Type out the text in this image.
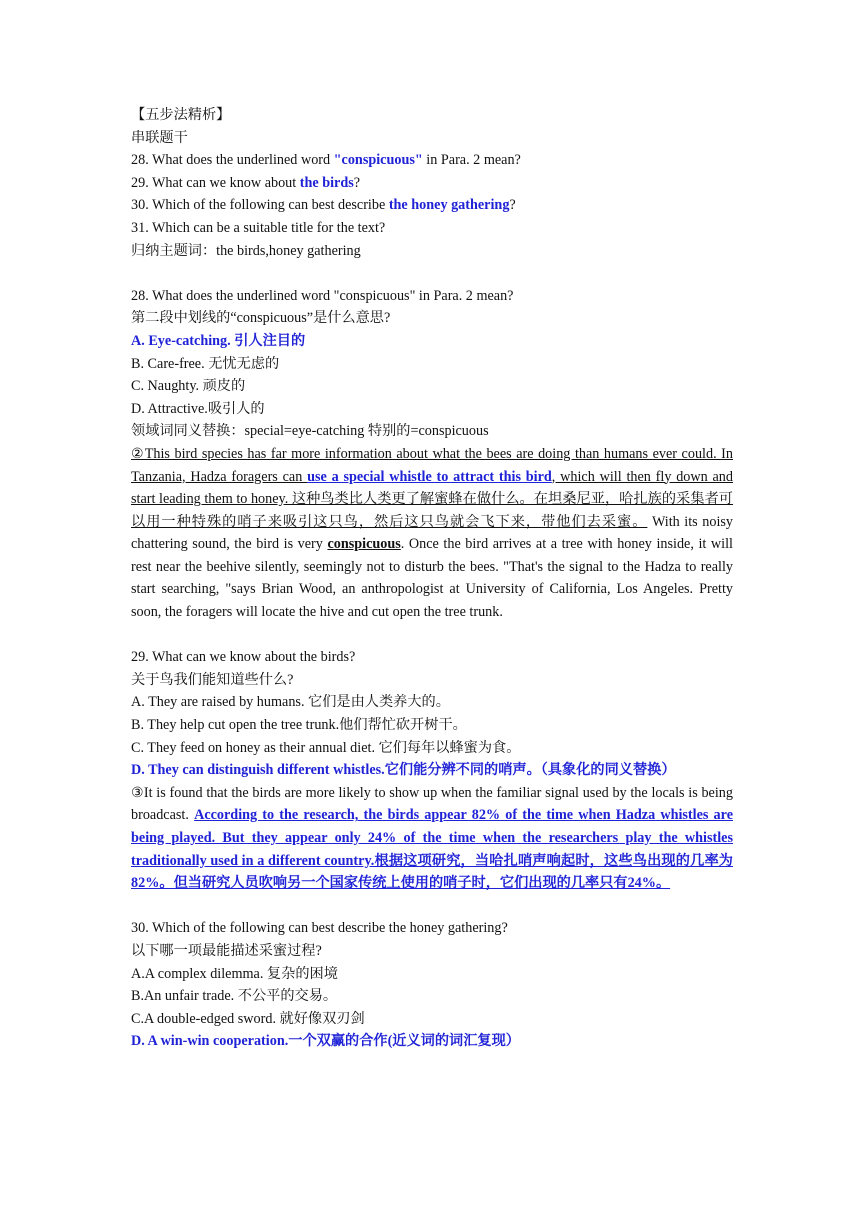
【五步法精析】
串联题干
28. What does the underlined word "conspicuous" in Para. 2 mean?
29. What can we know about the birds?
30. Which of the following can best describe the honey gathering?
31. Which can be a suitable title for the text?
归纳主题词：the birds,honey gathering
28. What does the underlined word "conspicuous" in Para. 2 mean?
第二段中划线的“conspicuous”是什么意思?
A. Eye-catching. 引人注目的
B. Care-free. 无忧无虑的
C. Naughty. 顽皮的
D. Attractive.吸引人的
领域词同义替换：special=eye-catching 特别的=conspicuous

②This bird species has far more information about what the bees are doing than humans ever could. In Tanzania, Hadza foragers can use a special whistle to attract this bird, which will then fly down and start leading them to honey. 这种鸟类比人类更了解蜜蜂在做什么。在坦桑尼亚，哈扎族的采集者可以用一种特殊的哨子来吸引这只鸟，然后这只鸟就会飞下来，带他们去采蜜。 With its noisy chattering sound, the bird is very conspicuous. Once the bird arrives at a tree with honey inside, it will rest near the beehive silently, seemingly not to disturb the bees. "That's the signal to the Hadza to really start searching, "says Brian Wood, an anthropologist at University of California, Los Angeles. Pretty soon, the foragers will locate the hive and cut open the tree trunk.

29. What can we know about the birds?
关于鸟我们能知道些什么?
A. They are raised by humans. 它们是由人类养大的。
B. They help cut open the tree trunk.他们帮忙砍开树干。
C. They feed on honey as their annual diet. 它们每年以蜂蜜为食。
D. They can distinguish different whistles.它们能分辨不同的哨声。（具象化的同义替换）

③It is found that the birds are more likely to show up when the familiar signal used by the locals is being broadcast. According to the research, the birds appear 82% of the time when Hadza whistles are being played. But they appear only 24% of the time when the researchers play the whistles traditionally used in a different country.根据这项研究，当哈扎哨声响起时，这些鸟出现的几率为82%。但当研究人员吹响另一个国家传统上使用的哨子时，它们出现的几率只有24%。

30. Which of the following can best describe the honey gathering?
以下哪一项最能描述采蜜过程?
A.A complex dilemma. 复杂的困境
B.An unfair trade. 不公平的交易。
C.A double-edged sword. 就好像双刃剑
D. A win-win cooperation.一个双赢的合作(近义词的词汇复现）
